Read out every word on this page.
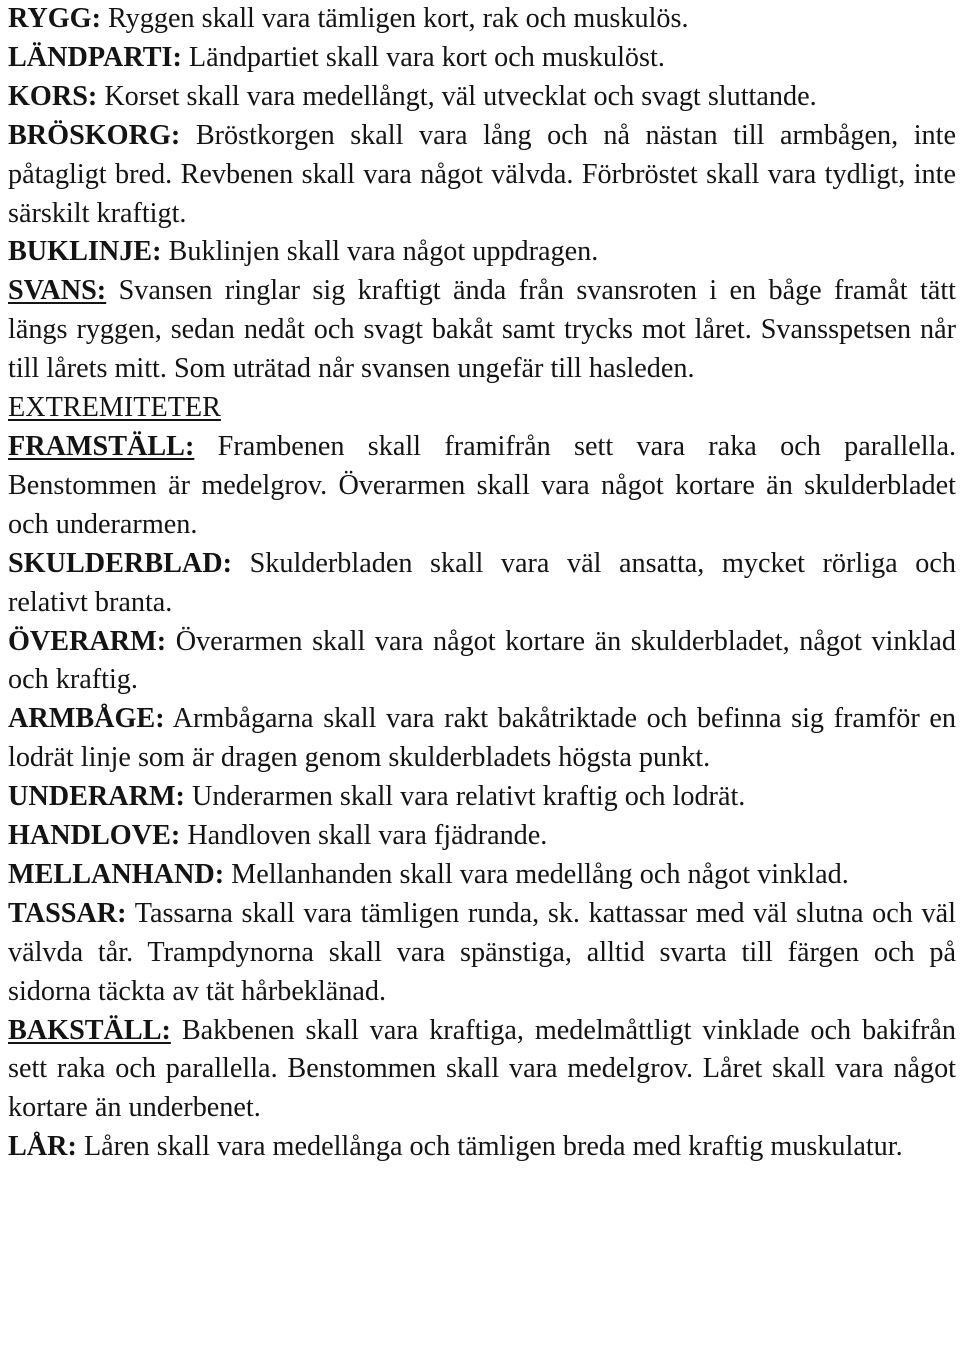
RYGG: Ryggen skall vara tämligen kort, rak och muskulös.

LÄNDPARTI: Ländpartiet skall vara kort och muskulöst.

KORS: Korset skall vara medellångt, väl utvecklat och svagt sluttande.

BRÖSKORG: Bröstkorgen skall vara lång och nå nästan till armbågen, inte påtagligt bred. Revbenen skall vara något välvda. Förbröstet skall vara tydligt, inte särskilt kraftigt.

BUKLINJE: Buklinjen skall vara något uppdragen.

SVANS: Svansen ringlar sig kraftigt ända från svansroten i en båge framåt tätt längs ryggen, sedan nedåt och svagt bakåt samt trycks mot låret. Svansspetsen når till lårets mitt. Som uträtad når svansen ungefär till hasleden.

EXTREMITETER

FRAMSTÄLL: Frambenen skall framifrån sett vara raka och parallella. Benstommen är medelgrov. Överarmen skall vara något kortare än skulderbladet och underarmen.

SKULDERBLAD: Skulderbladen skall vara väl ansatta, mycket rörliga och relativt branta.

ÖVERARM: Överarmen skall vara något kortare än skulderbladet, något vinklad och kraftig.

ARMBÅGE: Armbågarna skall vara rakt bakåtriktade och befinna sig framför en lodrät linje som är dragen genom skulderbladets högsta punkt.

UNDERARM: Underarmen skall vara relativt kraftig och lodrät.

HANDLOVE: Handloven skall vara fjädrande.

MELLANHAND: Mellanhanden skall vara medellång och något vinklad.

TASSAR: Tassarna skall vara tämligen runda, sk. kattassar med väl slutna och väl välvda tår. Trampdynorna skall vara spänstiga, alltid svarta till färgen och på sidorna täckta av tät hårbeklänad.

BAKSTÄLL: Bakbenen skall vara kraftiga, medelmåttligt vinklade och bakifrån sett raka och parallella. Benstommen skall vara medelgrov. Låret skall vara något kortare än underbenet.

LÅR: Låren skall vara medellånga och tämligen breda med kraftig muskulatur.
